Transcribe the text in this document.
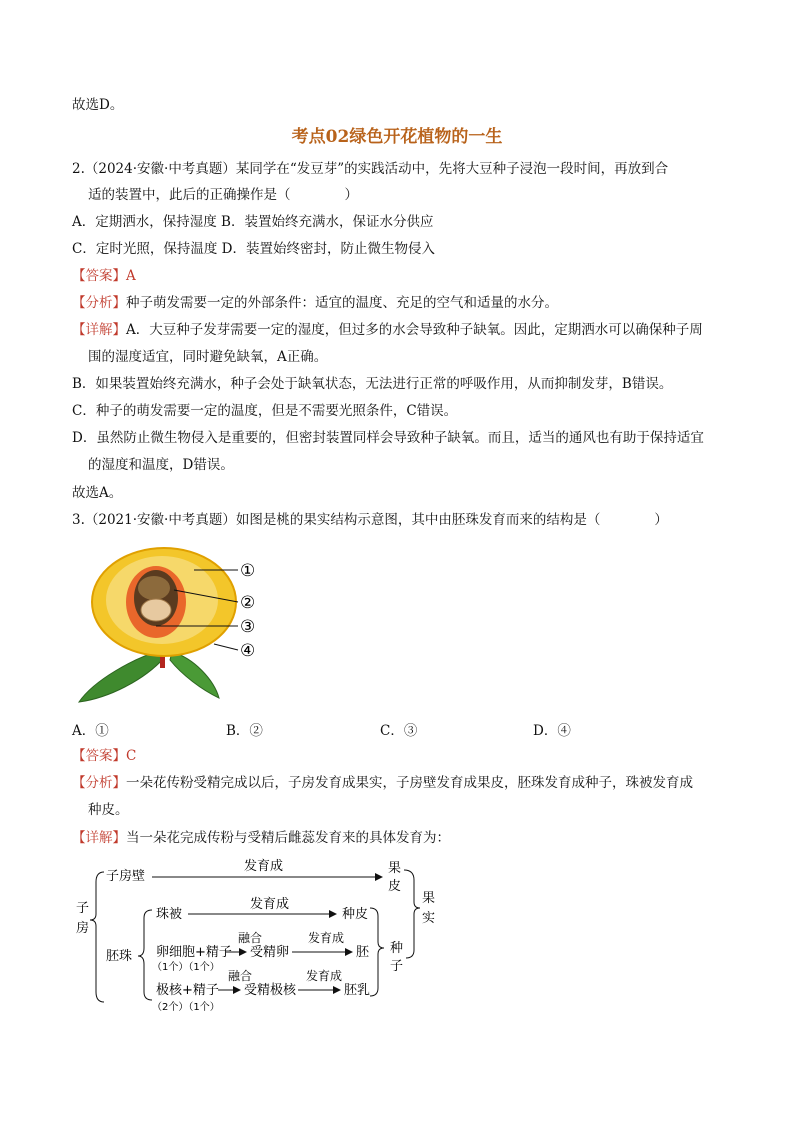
故选D。
考点02绿色开花植物的一生
2.（2024·安徽·中考真题）某同学在“发豆芽”的实践活动中，先将大豆种子浸泡一段时间，再放到合
适的装置中，此后的正确操作是（　　　　）
A．定期洒水，保持湿度 B．装置始终充满水，保证水分供应
C．定时光照，保持温度 D．装置始终密封，防止微生物侵入
【答案】A
【分析】种子萌发需要一定的外部条件：适宜的温度、充足的空气和适量的水分。
【详解】A．大豆种子发芽需要一定的湿度，但过多的水会导致种子缺氧。因此，定期洒水可以确保种子周
围的湿度适宜，同时避免缺氧，A正确。
B．如果装置始终充满水，种子会处于缺氧状态，无法进行正常的呼吸作用，从而抑制发芽，B错误。
C．种子的萌发需要一定的温度，但是不需要光照条件，C错误。
D．虽然防止微生物侵入是重要的，但密封装置同样会导致种子缺氧。而且，适当的通风也有助于保持适宜
的湿度和温度，D错误。
故选A。
3.（2021·安徽·中考真题）如图是桃的果实结构示意图，其中由胚珠发育而来的结构是（　　　　）
①
②
③
④
A．①	B．②	C．③	D．④
【答案】C
【分析】一朵花传粉受精完成以后，子房发育成果实，子房壁发育成果皮，胚珠发育成种子，珠被发育成
种皮。
【详解】当一朵花完成传粉与受精后雌蕊发育来的具体发育为：
子
房
子房壁
发育成	果
皮
胚珠
珠被
发育成
种皮
卵细胞+精子
（1个）（1个）
融合
受精卵
发育成
胚
极核+精子
（2个）（1个）
融合
受精极核
发育成
胚乳
种
子
果
实
